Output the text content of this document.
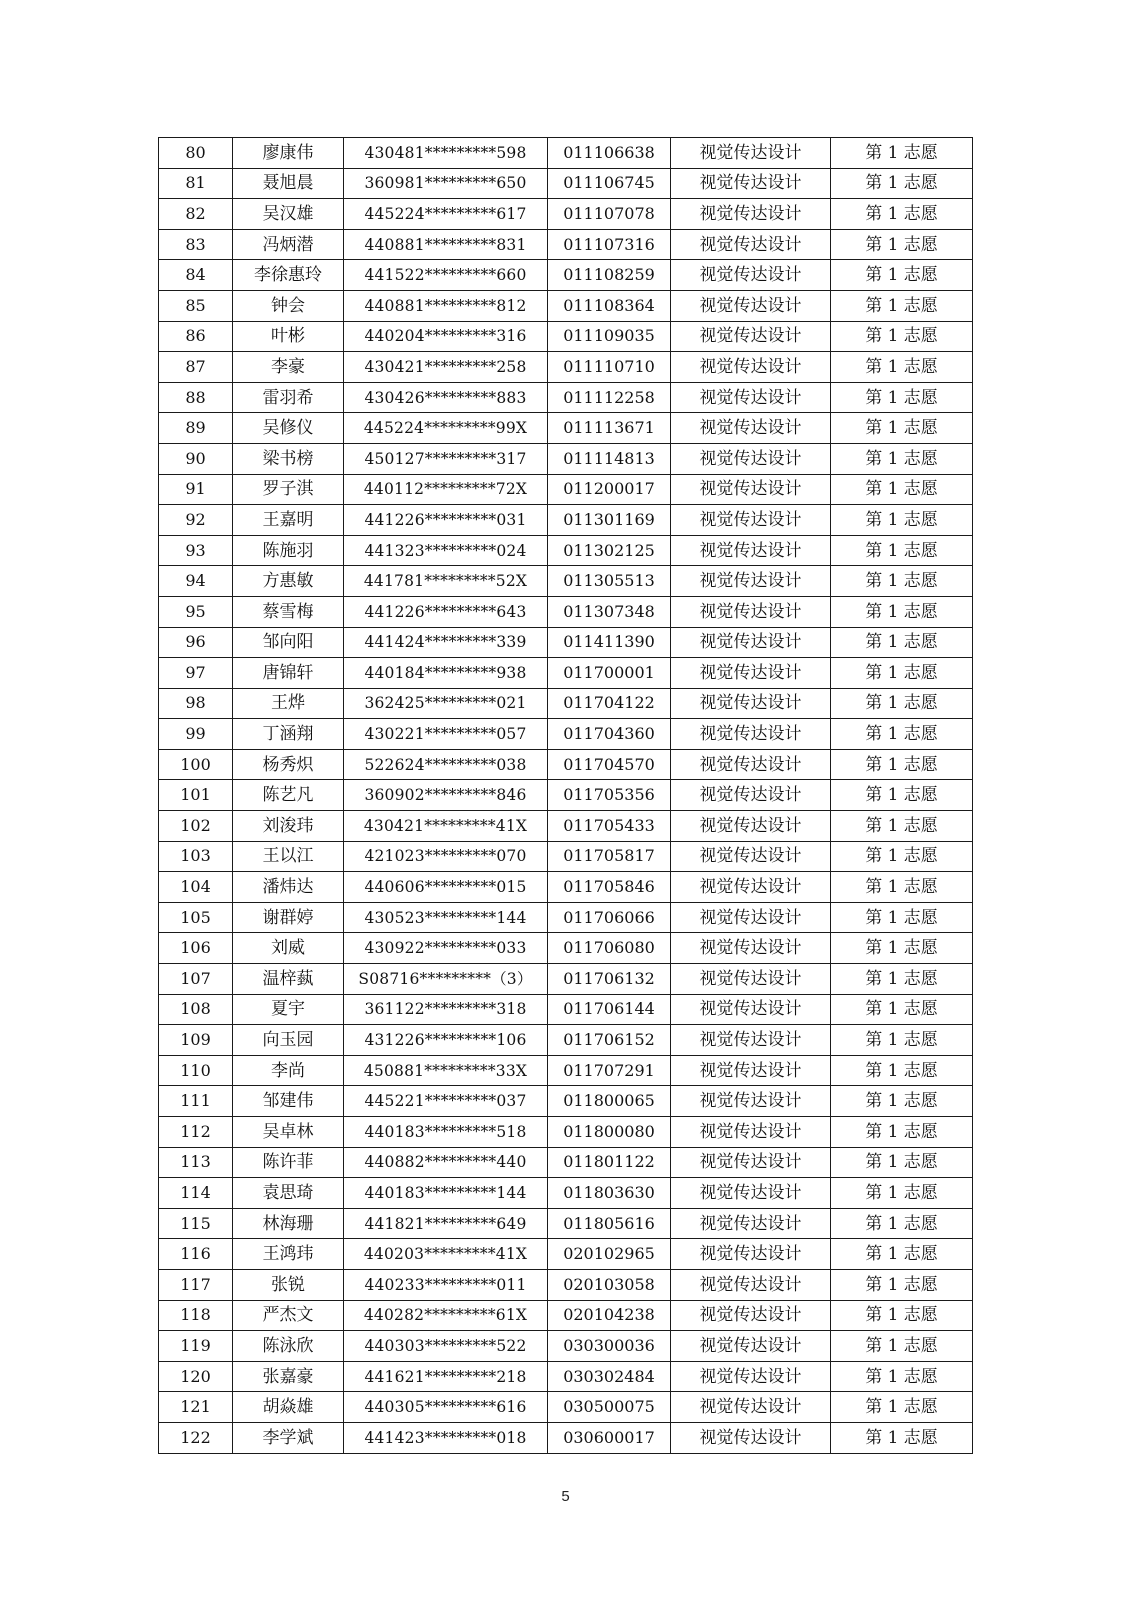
80	廖康伟	430481*********598	011106638	视觉传达设计	第 1 志愿
81	聂旭晨	360981*********650	011106745	视觉传达设计	第 1 志愿
82	吴汉雄	445224*********617	011107078	视觉传达设计	第 1 志愿
83	冯炳潜	440881*********831	011107316	视觉传达设计	第 1 志愿
84	李徐惠玲	441522*********660	011108259	视觉传达设计	第 1 志愿
85	钟会	440881*********812	011108364	视觉传达设计	第 1 志愿
86	叶彬	440204*********316	011109035	视觉传达设计	第 1 志愿
87	李豪	430421*********258	011110710	视觉传达设计	第 1 志愿
88	雷羽希	430426*********883	011112258	视觉传达设计	第 1 志愿
89	吴修仪	445224*********99X	011113671	视觉传达设计	第 1 志愿
90	梁书榜	450127*********317	011114813	视觉传达设计	第 1 志愿
91	罗子淇	440112*********72X	011200017	视觉传达设计	第 1 志愿
92	王嘉明	441226*********031	011301169	视觉传达设计	第 1 志愿
93	陈施羽	441323*********024	011302125	视觉传达设计	第 1 志愿
94	方惠敏	441781*********52X	011305513	视觉传达设计	第 1 志愿
95	蔡雪梅	441226*********643	011307348	视觉传达设计	第 1 志愿
96	邹向阳	441424*********339	011411390	视觉传达设计	第 1 志愿
97	唐锦轩	440184*********938	011700001	视觉传达设计	第 1 志愿
98	王烨	362425*********021	011704122	视觉传达设计	第 1 志愿
99	丁涵翔	430221*********057	011704360	视觉传达设计	第 1 志愿
100	杨秀炽	522624*********038	011704570	视觉传达设计	第 1 志愿
101	陈艺凡	360902*********846	011705356	视觉传达设计	第 1 志愿
102	刘浚玮	430421*********41X	011705433	视觉传达设计	第 1 志愿
103	王以江	421023*********070	011705817	视觉传达设计	第 1 志愿
104	潘炜达	440606*********015	011705846	视觉传达设计	第 1 志愿
105	谢群婷	430523*********144	011706066	视觉传达设计	第 1 志愿
106	刘威	430922*********033	011706080	视觉传达设计	第 1 志愿
107	温梓蓺	S08716*********（3）	011706132	视觉传达设计	第 1 志愿
108	夏宇	361122*********318	011706144	视觉传达设计	第 1 志愿
109	向玉园	431226*********106	011706152	视觉传达设计	第 1 志愿
110	李尚	450881*********33X	011707291	视觉传达设计	第 1 志愿
111	邹建伟	445221*********037	011800065	视觉传达设计	第 1 志愿
112	吴卓林	440183*********518	011800080	视觉传达设计	第 1 志愿
113	陈许菲	440882*********440	011801122	视觉传达设计	第 1 志愿
114	袁思琦	440183*********144	011803630	视觉传达设计	第 1 志愿
115	林海珊	441821*********649	011805616	视觉传达设计	第 1 志愿
116	王鸿玮	440203*********41X	020102965	视觉传达设计	第 1 志愿
117	张锐	440233*********011	020103058	视觉传达设计	第 1 志愿
118	严杰文	440282*********61X	020104238	视觉传达设计	第 1 志愿
119	陈泳欣	440303*********522	030300036	视觉传达设计	第 1 志愿
120	张嘉豪	441621*********218	030302484	视觉传达设计	第 1 志愿
121	胡焱雄	440305*********616	030500075	视觉传达设计	第 1 志愿
122	李学斌	441423*********018	030600017	视觉传达设计	第 1 志愿
5
